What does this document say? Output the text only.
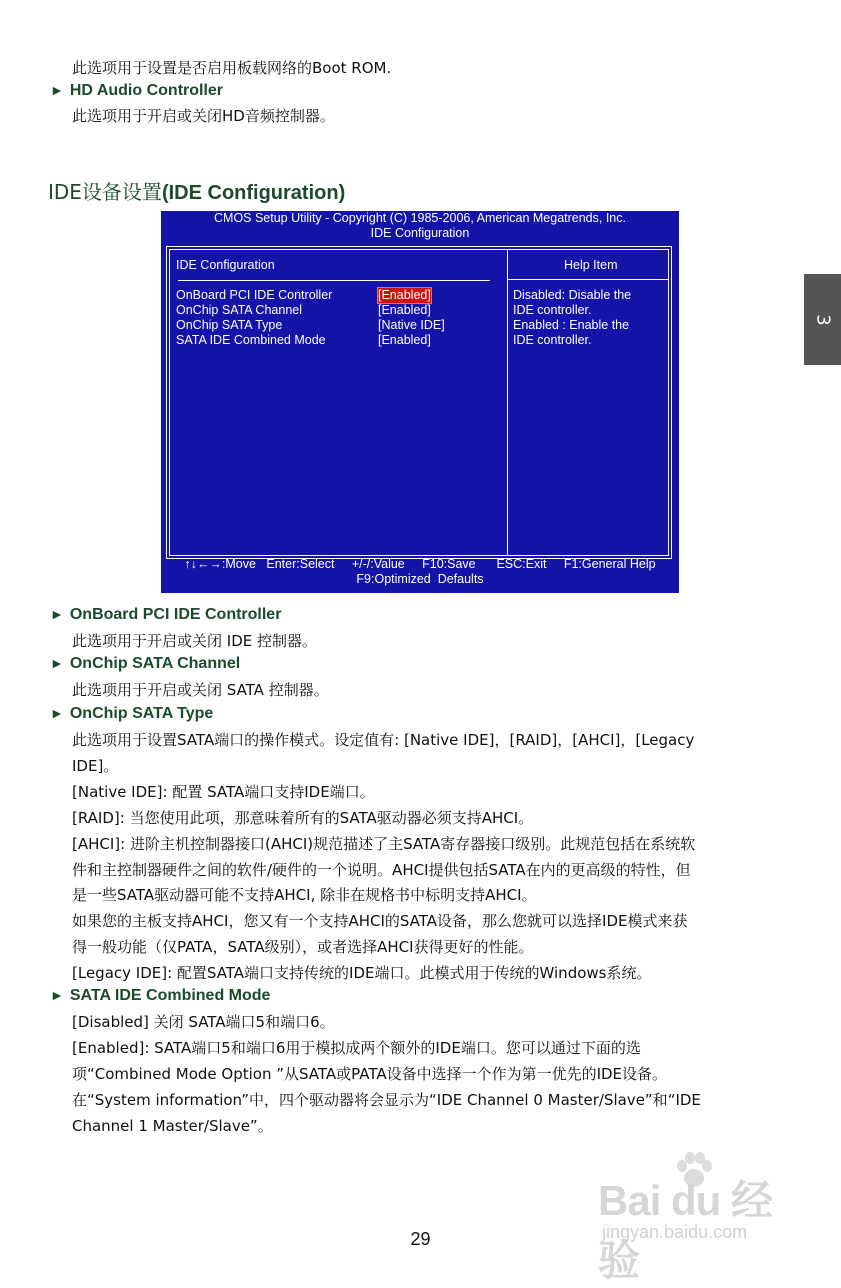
此选项用于设置是否启用板载网络的Boot ROM.
► HD Audio Controller
此选项用于开启或关闭HD音频控制器。
IDE设备设置(IDE Configuration)
CMOS Setup Utility - Copyright (C) 1985-2006, American Megatrends, Inc.
IDE Configuration
IDE Configuration	Help Item
OnBoard PCI IDE Controller	[Enabled]
OnChip SATA Channel	[Enabled]
OnChip SATA Type	[Native IDE]
SATA IDE Combined Mode	[Enabled]
Disabled: Disable the
IDE controller.
Enabled : Enable the
IDE controller.
↑↓←→:Move   Enter:Select     +/-/:Value     F10:Save      ESC:Exit     F1:General Help
F9:Optimized  Defaults
► OnBoard PCI IDE Controller
此选项用于开启或关闭 IDE 控制器。
► OnChip SATA Channel
此选项用于开启或关闭 SATA 控制器。
► OnChip SATA Type
此选项用于设置SATA端口的操作模式。设定值有: [Native IDE]，[RAID]，[AHCI]，[Legacy
IDE]。
[Native IDE]: 配置 SATA端口支持IDE端口。
[RAID]: 当您使用此项，那意味着所有的SATA驱动器必须支持AHCI。
[AHCI]: 进阶主机控制器接口(AHCI)规范描述了主SATA寄存器接口级别。此规范包括在系统软
件和主控制器硬件之间的软件/硬件的一个说明。AHCI提供包括SATA在内的更高级的特性，但
是一些SATA驱动器可能不支持AHCI, 除非在规格书中标明支持AHCI。
如果您的主板支持AHCI，您又有一个支持AHCI的SATA设备，那么您就可以选择IDE模式来获
得一般功能（仅PATA，SATA级别），或者选择AHCI获得更好的性能。
[Legacy IDE]: 配置SATA端口支持传统的IDE端口。此模式用于传统的Windows系统。
► SATA IDE Combined Mode
[Disabled] 关闭 SATA端口5和端口6。
[Enabled]: SATA端口5和端口6用于模拟成两个额外的IDE端口。您可以通过下面的选
项“Combined Mode Option ”从SATA或PATA设备中选择一个作为第一优先的IDE设备。
在“System information”中，四个驱动器将会显示为“IDE Channel 0 Master/Slave”和“IDE
Channel 1 Master/Slave”。
3
Bai du 经验
jingyan.baidu.com
29
